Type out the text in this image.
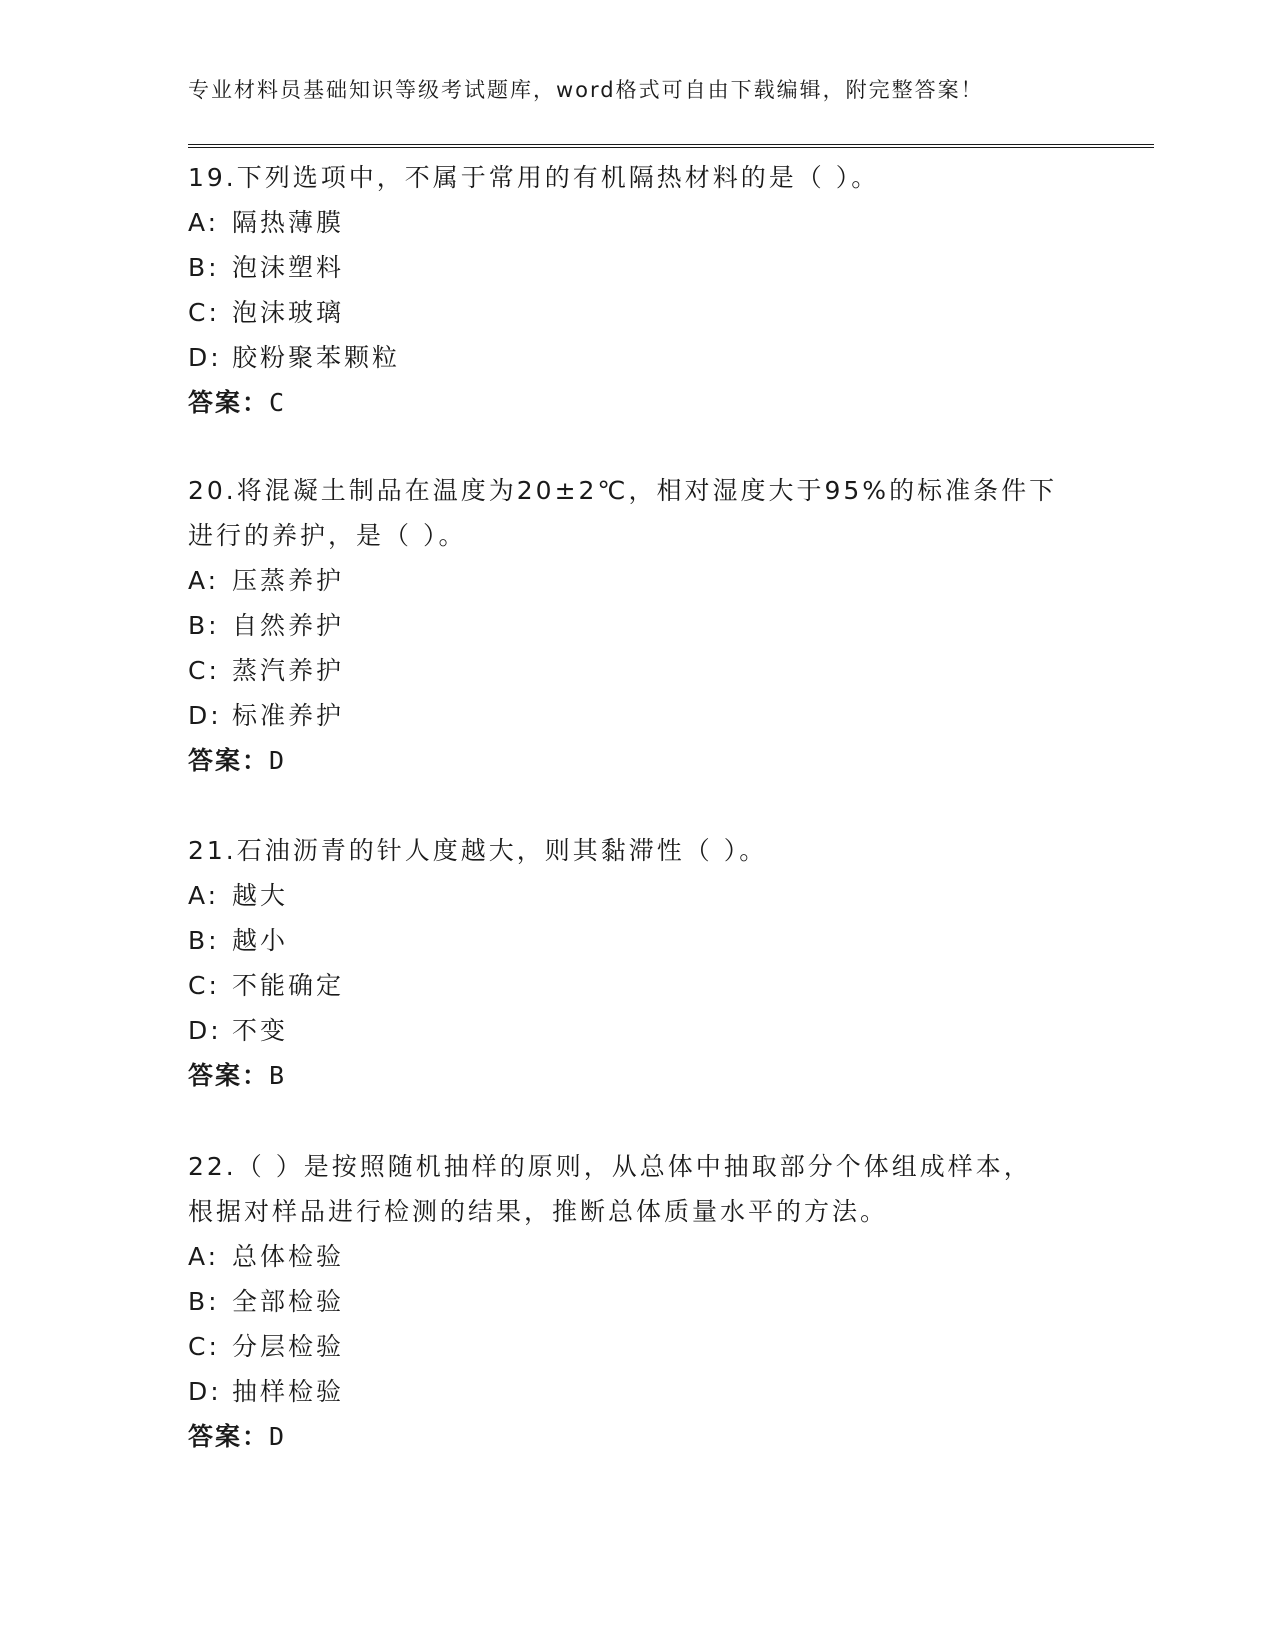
专业材料员基础知识等级考试题库，word格式可自由下载编辑，附完整答案！
19.下列选项中，不属于常用的有机隔热材料的是（ ）。
A: 隔热薄膜
B: 泡沫塑料
C: 泡沫玻璃
D: 胶粉聚苯颗粒
答案：C
20.将混凝土制品在温度为20±2℃，相对湿度大于95%的标准条件下
进行的养护，是（ ）。
A: 压蒸养护
B: 自然养护
C: 蒸汽养护
D: 标准养护
答案：D
21.石油沥青的针人度越大，则其黏滞性（ ）。
A: 越大
B: 越小
C: 不能确定
D: 不变
答案：B
22.（ ）是按照随机抽样的原则，从总体中抽取部分个体组成样本，
根据对样品进行检测的结果，推断总体质量水平的方法。
A: 总体检验
B: 全部检验
C: 分层检验
D: 抽样检验
答案：D
